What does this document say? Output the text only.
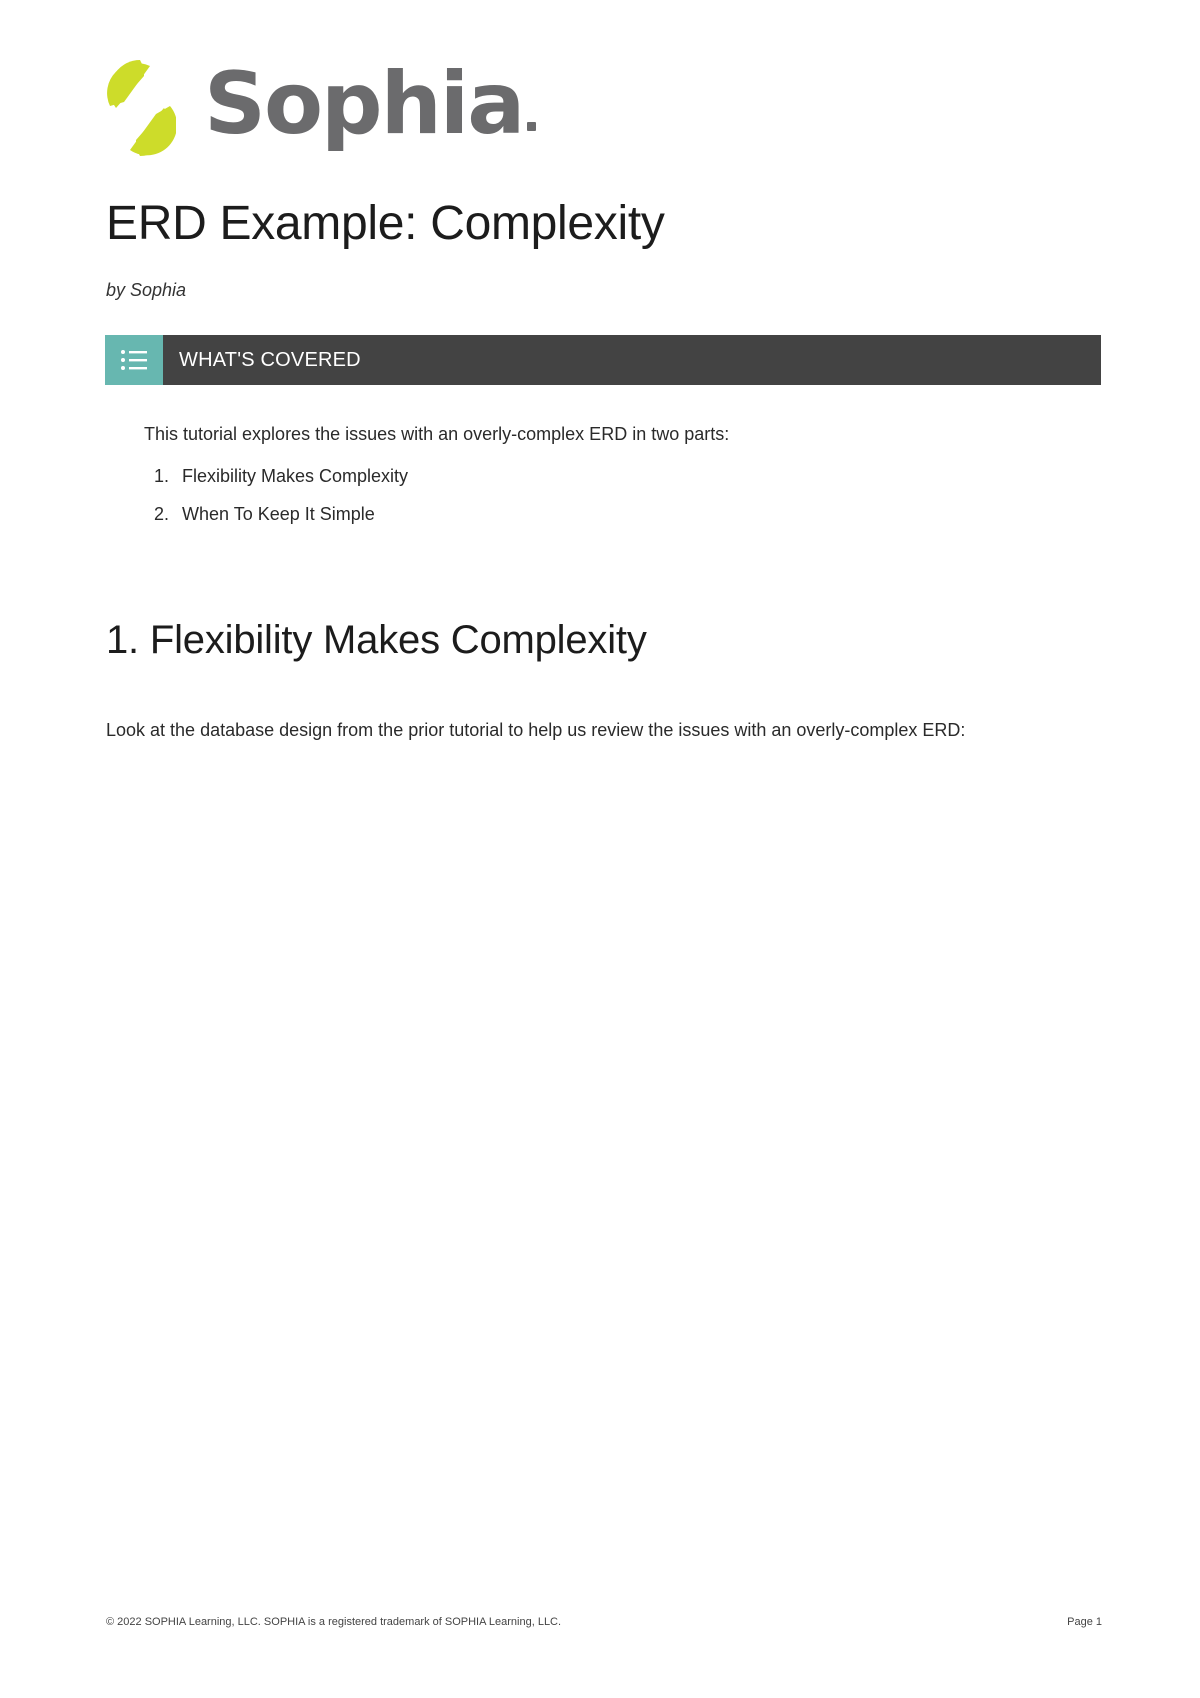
Sophia
ERD Example: Complexity

by Sophia

WHAT'S COVERED

This tutorial explores the issues with an overly-complex ERD in two parts:

1. Flexibility Makes Complexity
2. When To Keep It Simple
1. Flexibility Makes Complexity

Look at the database design from the prior tutorial to help us review the issues with an overly-complex ERD:

© 2022 SOPHIA Learning, LLC. SOPHIA is a registered trademark of SOPHIA Learning, LLC.	Page 1
